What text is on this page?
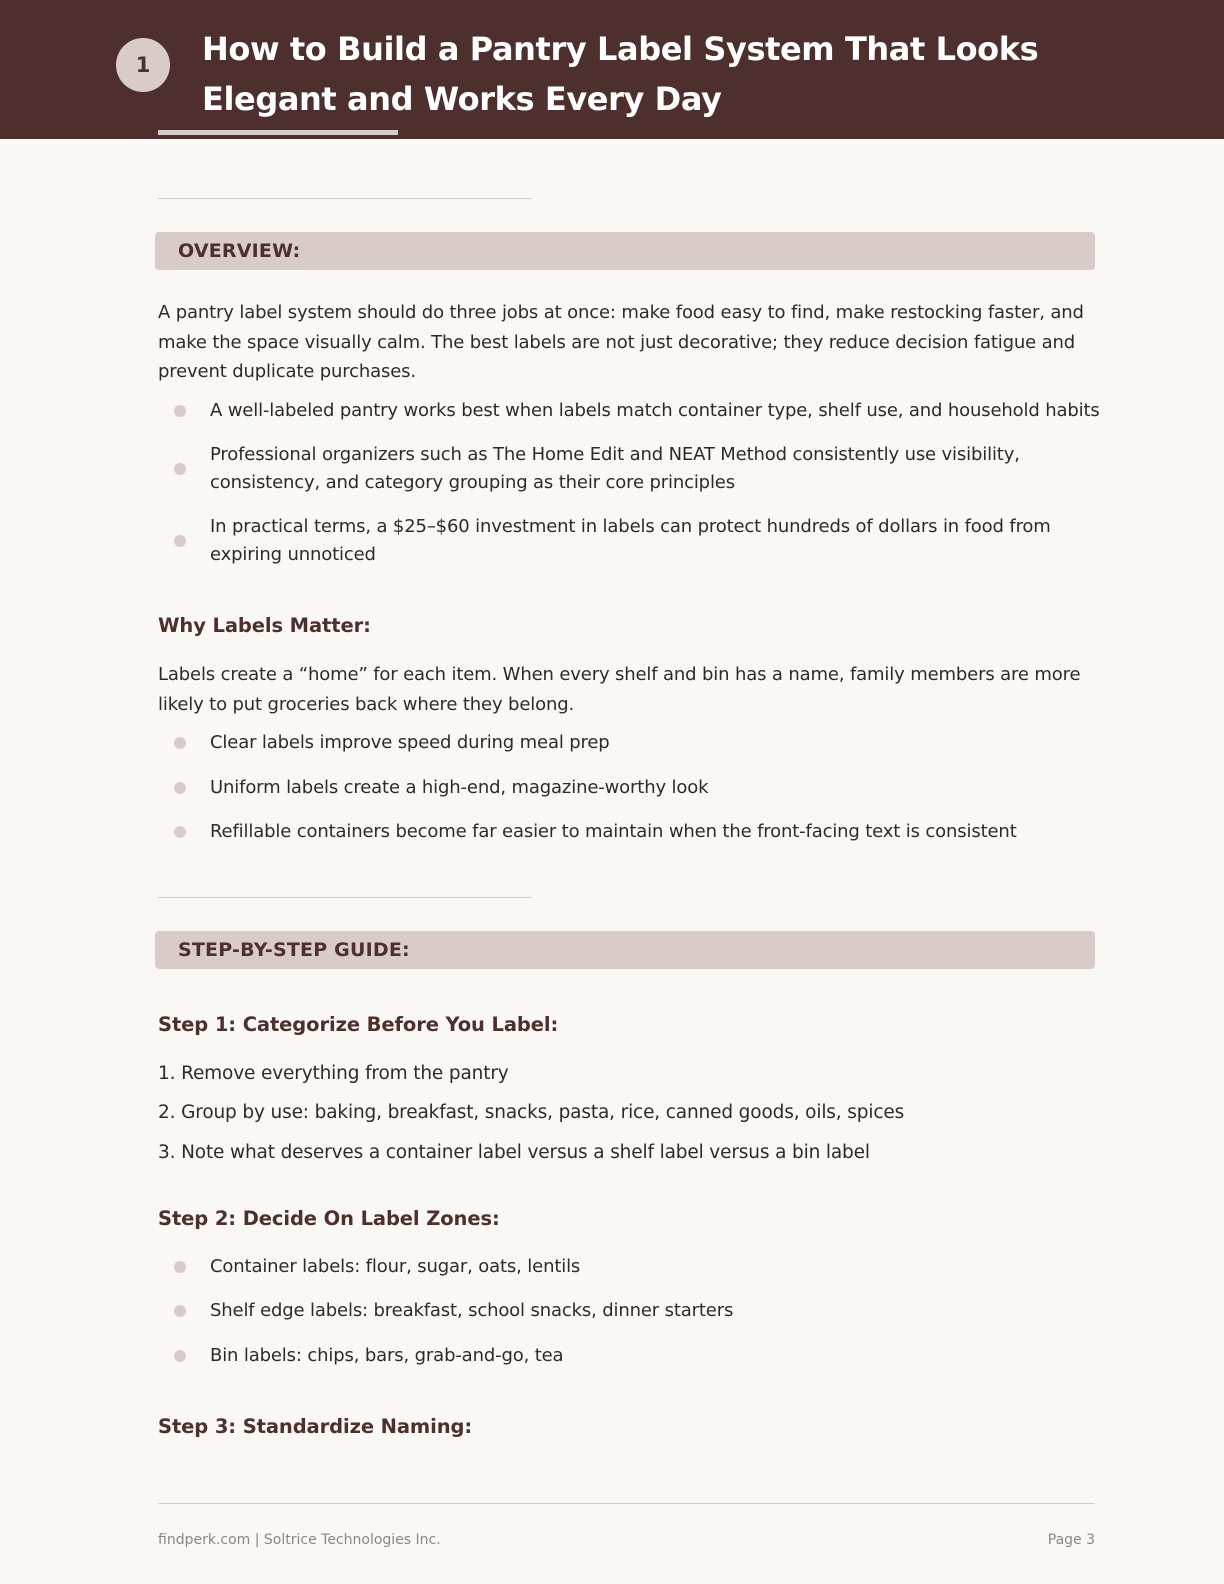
1	How to Build a Pantry Label System That Looks Elegant and Works Every Day
OVERVIEW:

A pantry label system should do three jobs at once: make food easy to find, make restocking faster, and make the space visually calm. The best labels are not just decorative; they reduce decision fatigue and prevent duplicate purchases.

A well-labeled pantry works best when labels match container type, shelf use, and household habits
Professional organizers such as The Home Edit and NEAT Method consistently use visibility, consistency, and category grouping as their core principles
In practical terms, a $25–$60 investment in labels can protect hundreds of dollars in food from expiring unnoticed
Why Labels Matter:

Labels create a “home” for each item. When every shelf and bin has a name, family members are more likely to put groceries back where they belong.

Clear labels improve speed during meal prep
Uniform labels create a high-end, magazine-worthy look
Refillable containers become far easier to maintain when the front-facing text is consistent
STEP-BY-STEP GUIDE:
Step 1: Categorize Before You Label:
1. Remove everything from the pantry
2. Group by use: baking, breakfast, snacks, pasta, rice, canned goods, oils, spices
3. Note what deserves a container label versus a shelf label versus a bin label
Step 2: Decide On Label Zones:
Container labels: flour, sugar, oats, lentils
Shelf edge labels: breakfast, school snacks, dinner starters
Bin labels: chips, bars, grab-and-go, tea
Step 3: Standardize Naming:
findperk.com | Soltrice Technologies Inc.	Page 3
